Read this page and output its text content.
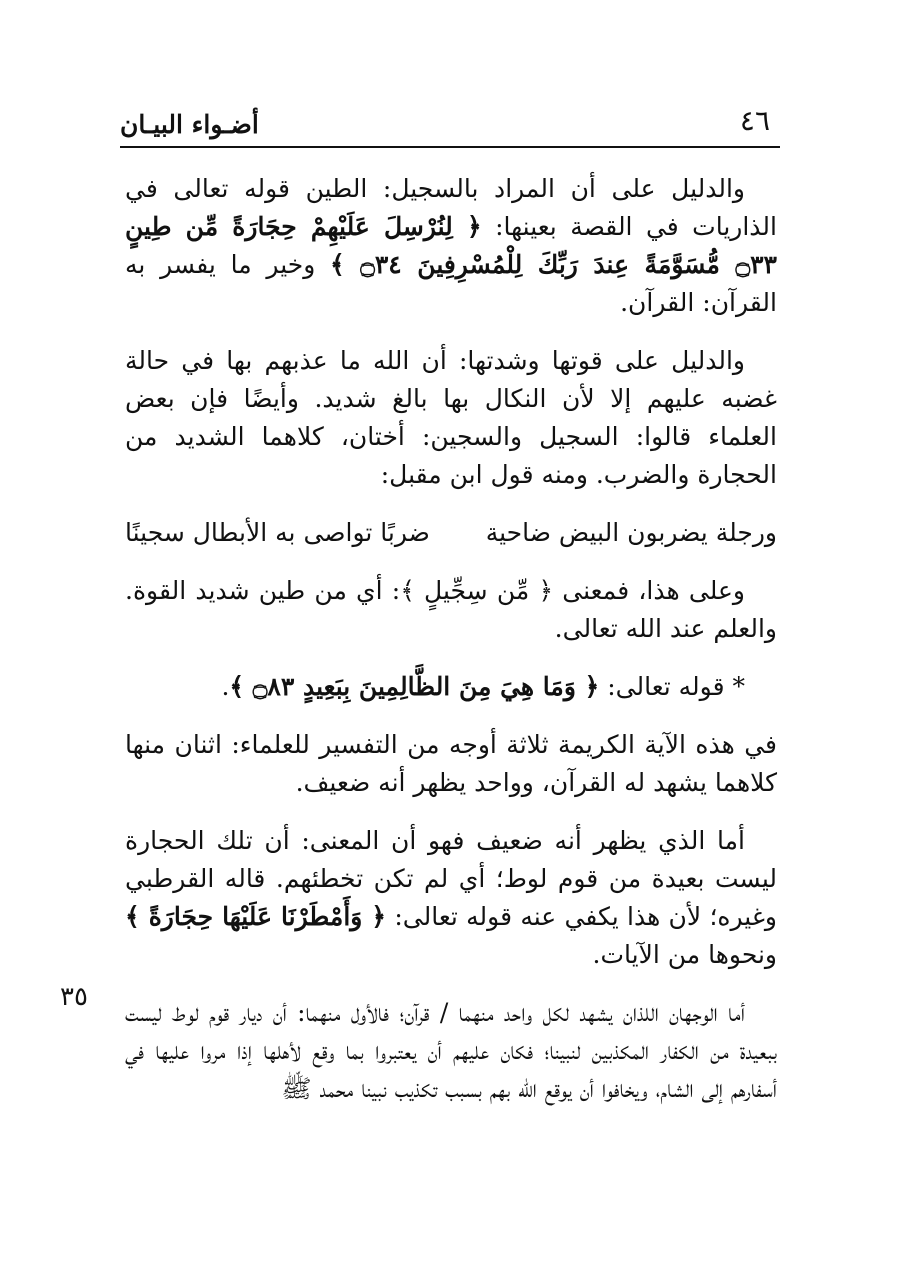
أضـواء البيـان	٤٦
٣٥

والدليل على أن المراد بالسجيل: الطين قوله تعالى في الذاريات في القصة بعينها: ﴿ لِنُرْسِلَ عَلَيْهِمْ حِجَارَةً مِّن طِينٍ ۝٣٣ مُّسَوَّمَةً عِندَ رَبِّكَ لِلْمُسْرِفِينَ ۝٣٤ ﴾ وخير ما يفسر به القرآن: القرآن.

والدليل على قوتها وشدتها: أن الله ما عذبهم بها في حالة غضبه عليهم إلا لأن النكال بها بالغ شديد. وأيضًا فإن بعض العلماء قالوا: السجيل والسجين: أختان، كلاهما الشديد من الحجارة والضرب. ومنه قول ابن مقبل:

ورجلة يضربون البيض ضاحية
ضربًا تواصى به الأبطال سجينًا

وعلى هذا، فمعنى ﴿ مِّن سِجِّيلٍ ﴾: أي من طين شديد القوة. والعلم عند الله تعالى.

* قوله تعالى: ﴿ وَمَا هِيَ مِنَ الظَّالِمِينَ بِبَعِيدٍ ۝٨٣ ﴾.

في هذه الآية الكريمة ثلاثة أوجه من التفسير للعلماء: اثنان منها كلاهما يشهد له القرآن، وواحد يظهر أنه ضعيف.

أما الذي يظهر أنه ضعيف فهو أن المعنى: أن تلك الحجارة ليست بعيدة من قوم لوط؛ أي لم تكن تخطئهم. قاله القرطبي وغيره؛ لأن هذا يكفي عنه قوله تعالى: ﴿ وَأَمْطَرْنَا عَلَيْهَا حِجَارَةً ﴾ ونحوها من الآيات.

أما الوجهان اللذان يشهد لكل واحد منهما / قرآن؛ فالأول منهما: أن ديار قوم لوط ليست ببعيدة من الكفار المكذبين لنبينا؛ فكان عليهم أن يعتبروا بما وقع لأهلها إذا مروا عليها في أسفارهم إلى الشام، ويخافوا أن يوقع الله بهم بسبب تكذيب نبينا محمد ﷺ
